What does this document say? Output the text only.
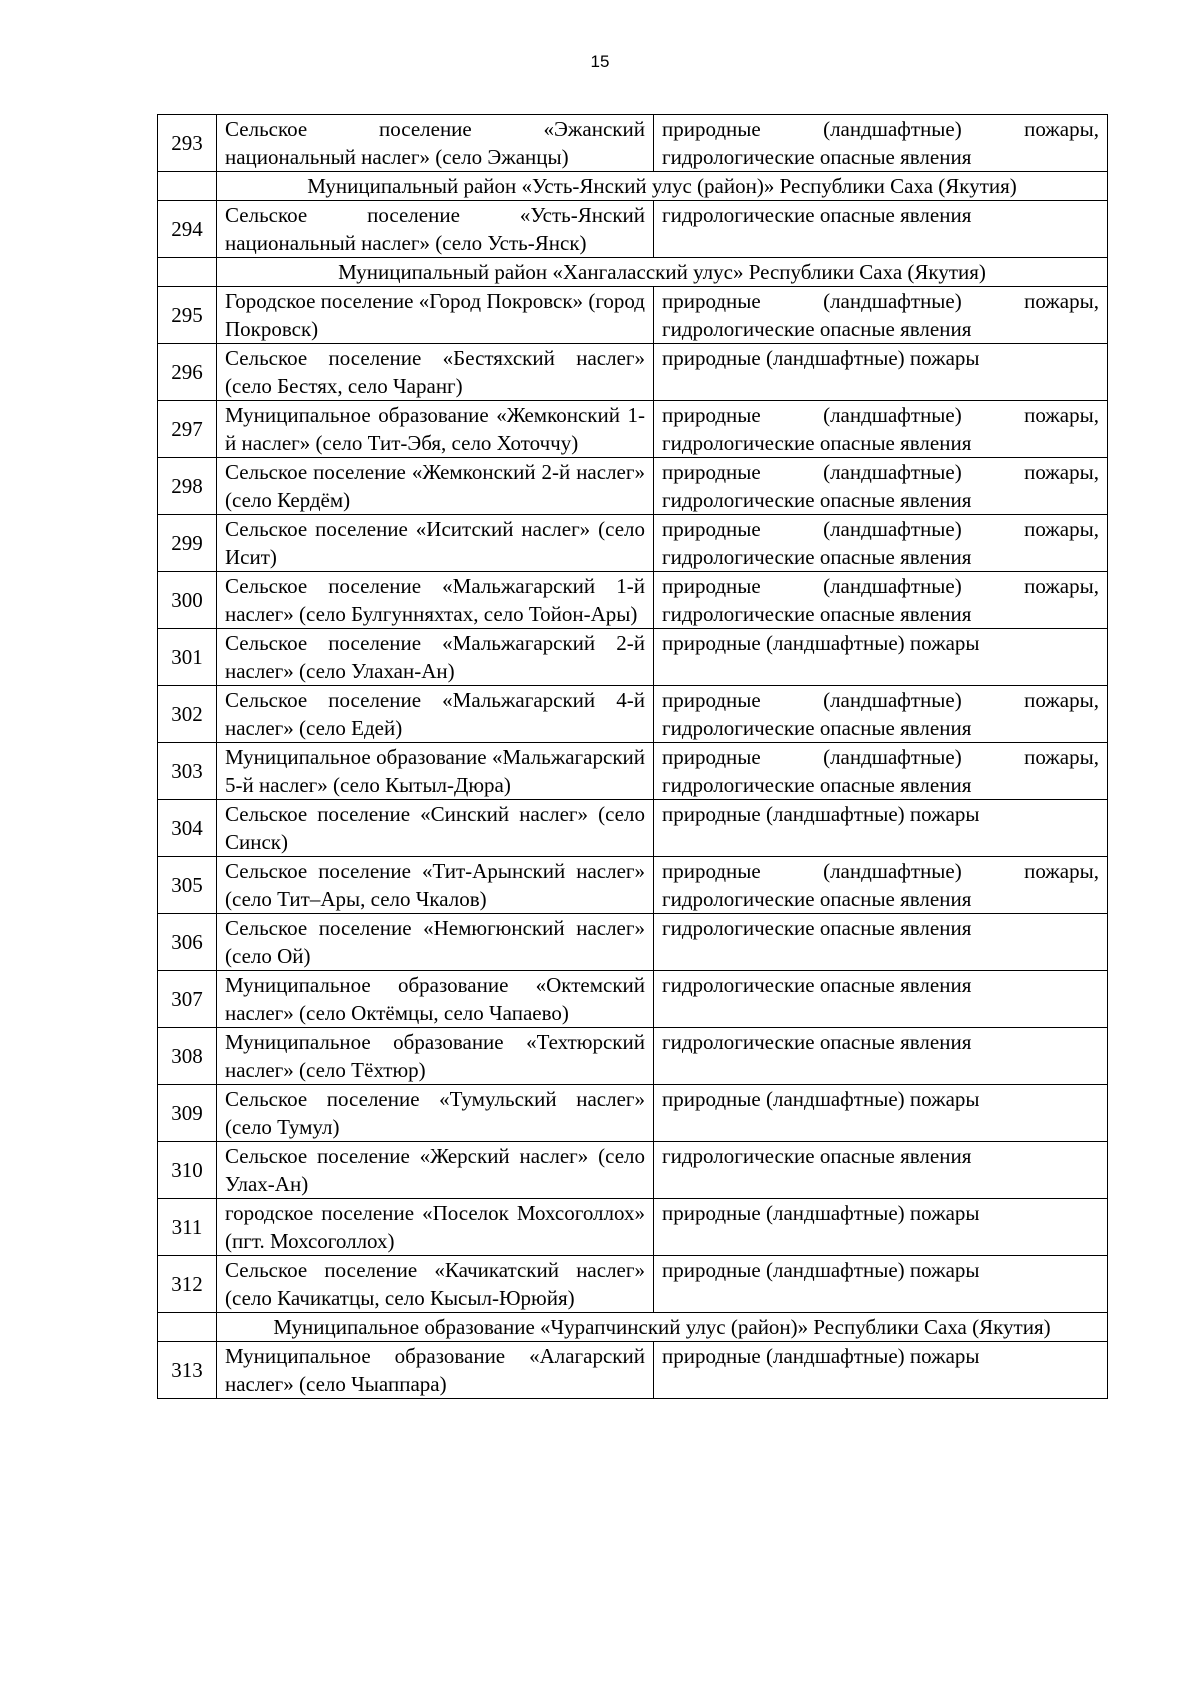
15
293	Сельское поселение «Эжанский национальный наслег» (село Эжанцы)	природные (ландшафтные) пожары, гидрологические опасные явления
	Муниципальный район «Усть-Янский улус (район)» Республики Саха (Якутия)	
294	Сельское поселение «Усть-Янский национальный наслег» (село Усть-Янск)	гидрологические опасные явления
	Муниципальный район «Хангаласский улус» Республики Саха (Якутия)	
295	Городское поселение «Город Покровск» (город Покровск)	природные (ландшафтные) пожары, гидрологические опасные явления
296	Сельское поселение «Бестяхский наслег» (село Бестях, село Чаранг)	природные (ландшафтные) пожары
297	Муниципальное образование «Жемконский 1-й наслег» (село Тит-Эбя, село Хоточчу)	природные (ландшафтные) пожары, гидрологические опасные явления
298	Сельское поселение «Жемконский 2-й наслег» (село Кердём)	природные (ландшафтные) пожары, гидрологические опасные явления
299	Сельское поселение «Иситский наслег» (село Исит)	природные (ландшафтные) пожары, гидрологические опасные явления
300	Сельское поселение «Мальжагарский 1-й наслег» (село Булгунняхтах, село Тойон-Ары)	природные (ландшафтные) пожары, гидрологические опасные явления
301	Сельское поселение «Мальжагарский 2-й наслег» (село Улахан-Ан)	природные (ландшафтные) пожары
302	Сельское поселение «Мальжагарский 4-й наслег» (село Едей)	природные (ландшафтные) пожары, гидрологические опасные явления
303	Муниципальное образование «Мальжагарский 5-й наслег» (село Кытыл-Дюра)	природные (ландшафтные) пожары, гидрологические опасные явления
304	Сельское поселение «Синский наслег» (село Синск)	природные (ландшафтные) пожары
305	Сельское поселение «Тит-Арынский наслег» (село Тит–Ары, село Чкалов)	природные (ландшафтные) пожары, гидрологические опасные явления
306	Сельское поселение «Немюгюнский наслег» (село Ой)	гидрологические опасные явления
307	Муниципальное образование «Октемский наслег» (село Октёмцы, село Чапаево)	гидрологические опасные явления
308	Муниципальное образование «Техтюрский наслег» (село Тёхтюр)	гидрологические опасные явления
309	Сельское поселение «Тумульский наслег» (село Тумул)	природные (ландшафтные) пожары
310	Сельское поселение «Жерский наслег» (село Улах-Ан)	гидрологические опасные явления
311	городское поселение «Поселок Мохсоголлох» (пгт. Мохсоголлох)	природные (ландшафтные) пожары
312	Сельское поселение «Качикатский наслег» (село Качикатцы, село Кысыл-Юрюйя)	природные (ландшафтные) пожары
	Муниципальное образование «Чурапчинский улус (район)» Республики Саха (Якутия)	
313	Муниципальное образование «Алагарский наслег» (село Чыаппара)	природные (ландшафтные) пожары
